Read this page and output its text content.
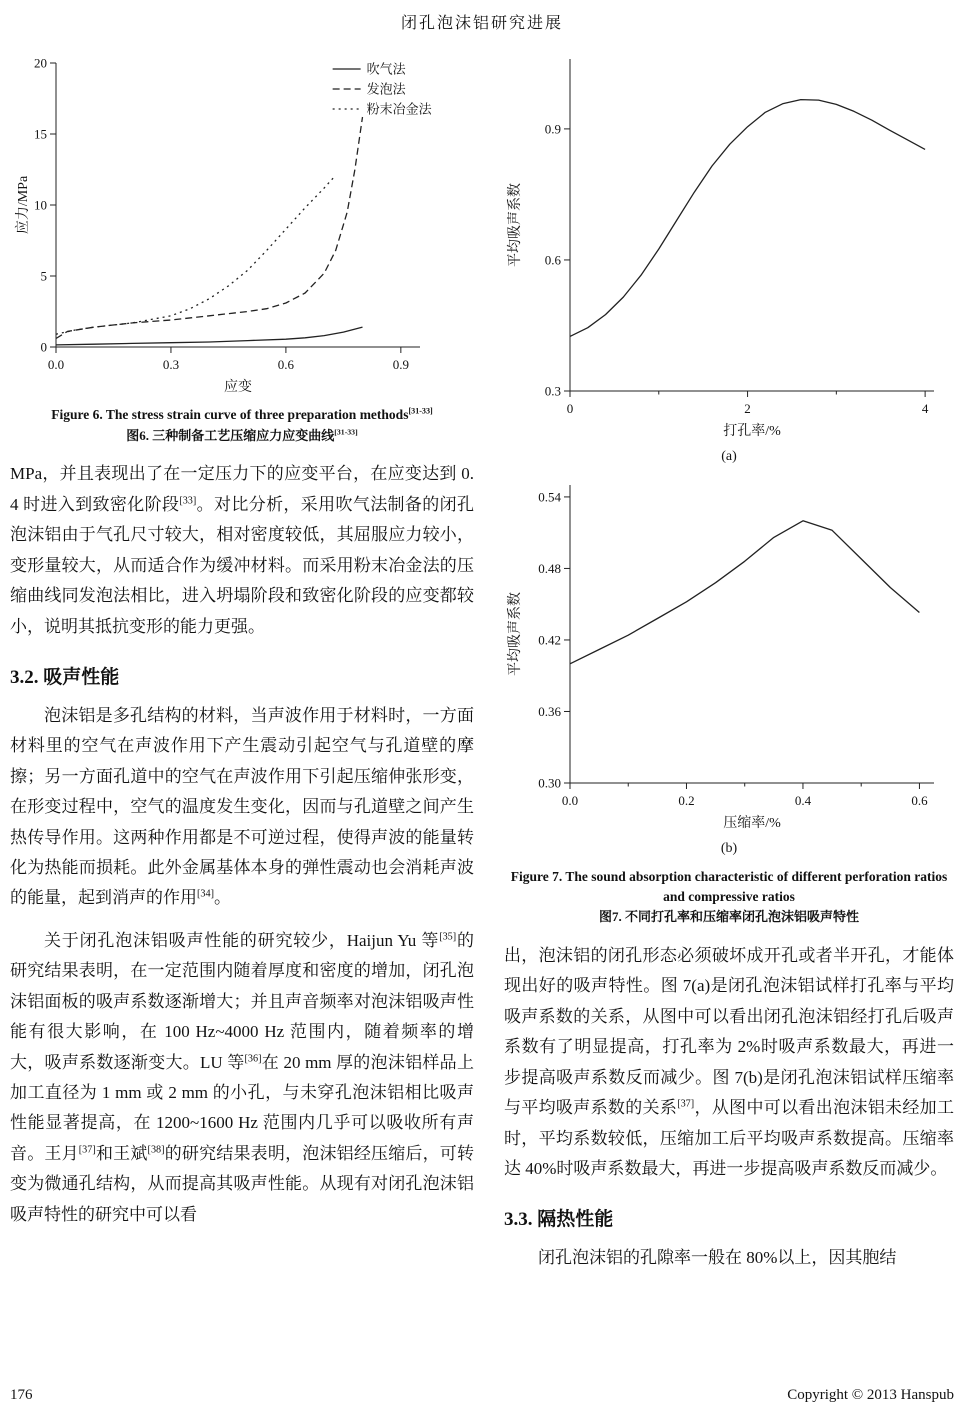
闭孔泡沫铝研究进展
0.0	0.3	0.6	0.9
0
5
10
15
20
应变
应力/MPa
吹气法
发泡法
粉末冶金法
Figure 6. The stress strain curve of three preparation methods[31-33]
图6. 三种制备工艺压缩应力应变曲线[31-33]

MPa，并且表现出了在一定压力下的应变平台，在应变达到 0.4 时进入到致密化阶段[33]。对比分析，采用吹气法制备的闭孔泡沫铝由于气孔尺寸较大，相对密度较低，其屈服应力较小，变形量较大，从而适合作为缓冲材料。而采用粉末冶金法的压缩曲线同发泡法相比，进入坍塌阶段和致密化阶段的应变都较小，说明其抵抗变形的能力更强。

3.2. 吸声性能

泡沫铝是多孔结构的材料，当声波作用于材料时，一方面材料里的空气在声波作用下产生震动引起空气与孔道壁的摩擦；另一方面孔道中的空气在声波作用下引起压缩伸张形变，在形变过程中，空气的温度发生变化，因而与孔道壁之间产生热传导作用。这两种作用都是不可逆过程，使得声波的能量转化为热能而损耗。此外金属基体本身的弹性震动也会消耗声波的能量，起到消声的作用[34]。

关于闭孔泡沫铝吸声性能的研究较少，Haijun Yu 等[35]的研究结果表明，在一定范围内随着厚度和密度的增加，闭孔泡沫铝面板的吸声系数逐渐增大；并且声音频率对泡沫铝吸声性能有很大影响，在 100 Hz~4000 Hz 范围内，随着频率的增大，吸声系数逐渐变大。LU 等[36]在 20 mm 厚的泡沫铝样品上加工直径为 1 mm 或 2 mm 的小孔，与未穿孔泡沫铝相比吸声性能显著提高，在 1200~1600 Hz 范围内几乎可以吸收所有声音。王月[37]和王斌[38]的研究结果表明，泡沫铝经压缩后，可转变为微通孔结构，从而提高其吸声性能。从现有对闭孔泡沫铝吸声特性的研究中可以看

0	2	4
0.3
0.6
0.9
打孔率/%
平均吸声系数
(a)
0.0	0.2	0.4	0.6
0.30
0.36
0.42
0.48
0.54
压缩率/%
平均吸声系数
(b)
Figure 7. The sound absorption characteristic of different perforation ratios and compressive ratios
图7. 不同打孔率和压缩率闭孔泡沫铝吸声特性

出，泡沫铝的闭孔形态必须破坏成开孔或者半开孔，才能体现出好的吸声特性。图 7(a)是闭孔泡沫铝试样打孔率与平均吸声系数的关系，从图中可以看出闭孔泡沫铝经打孔后吸声系数有了明显提高，打孔率为 2%时吸声系数最大，再进一步提高吸声系数反而减少。图 7(b)是闭孔泡沫铝试样压缩率与平均吸声系数的关系[37]，从图中可以看出泡沫铝未经加工时，平均系数较低，压缩加工后平均吸声系数提高。压缩率达 40%时吸声系数最大，再进一步提高吸声系数反而减少。

3.3. 隔热性能

闭孔泡沫铝的孔隙率一般在 80%以上，因其胞结

176	Copyright © 2013 Hanspub
